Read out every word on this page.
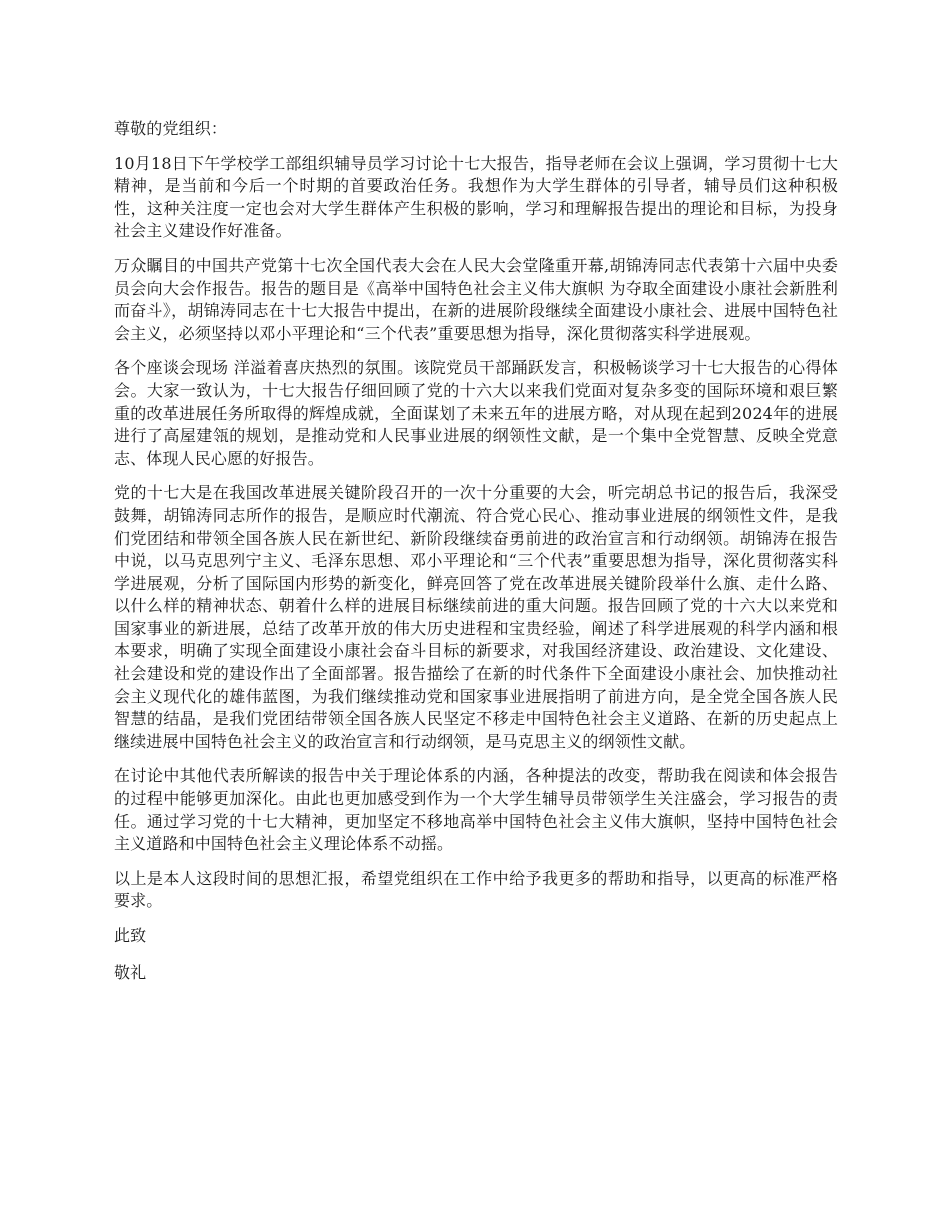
尊敬的党组织：

10月18日下午学校学工部组织辅导员学习讨论十七大报告，指导老师在会议上强调，学习贯彻十七大精神，是当前和今后一个时期的首要政治任务。我想作为大学生群体的引导者，辅导员们这种积极性，这种关注度一定也会对大学生群体产生积极的影响，学习和理解报告提出的理论和目标，为投身社会主义建设作好准备。

万众瞩目的中国共产党第十七次全国代表大会在人民大会堂隆重开幕,胡锦涛同志代表第十六届中央委员会向大会作报告。报告的题目是《高举中国特色社会主义伟大旗帜 为夺取全面建设小康社会新胜利而奋斗》，胡锦涛同志在十七大报告中提出，在新的进展阶段继续全面建设小康社会、进展中国特色社会主义，必须坚持以邓小平理论和“三个代表”重要思想为指导，深化贯彻落实科学进展观。

各个座谈会现场 洋溢着喜庆热烈的氛围。该院党员干部踊跃发言，积极畅谈学习十七大报告的心得体会。大家一致认为，十七大报告仔细回顾了党的十六大以来我们党面对复杂多变的国际环境和艰巨繁重的改革进展任务所取得的辉煌成就，全面谋划了未来五年的进展方略，对从现在起到2024年的进展进行了高屋建瓴的规划，是推动党和人民事业进展的纲领性文献，是一个集中全党智慧、反映全党意志、体现人民心愿的好报告。

党的十七大是在我国改革进展关键阶段召开的一次十分重要的大会，听完胡总书记的报告后，我深受鼓舞，胡锦涛同志所作的报告，是顺应时代潮流、符合党心民心、推动事业进展的纲领性文件，是我们党团结和带领全国各族人民在新世纪、新阶段继续奋勇前进的政治宣言和行动纲领。胡锦涛在报告中说，以马克思列宁主义、毛泽东思想、邓小平理论和“三个代表”重要思想为指导，深化贯彻落实科学进展观，分析了国际国内形势的新变化，鲜亮回答了党在改革进展关键阶段举什么旗、走什么路、以什么样的精神状态、朝着什么样的进展目标继续前进的重大问题。报告回顾了党的十六大以来党和国家事业的新进展，总结了改革开放的伟大历史进程和宝贵经验，阐述了科学进展观的科学内涵和根本要求，明确了实现全面建设小康社会奋斗目标的新要求，对我国经济建设、政治建设、文化建设、社会建设和党的建设作出了全面部署。报告描绘了在新的时代条件下全面建设小康社会、加快推动社会主义现代化的雄伟蓝图，为我们继续推动党和国家事业进展指明了前进方向，是全党全国各族人民智慧的结晶，是我们党团结带领全国各族人民坚定不移走中国特色社会主义道路、在新的历史起点上继续进展中国特色社会主义的政治宣言和行动纲领，是马克思主义的纲领性文献。

在讨论中其他代表所解读的报告中关于理论体系的内涵，各种提法的改变，帮助我在阅读和体会报告的过程中能够更加深化。由此也更加感受到作为一个大学生辅导员带领学生关注盛会，学习报告的责任。通过学习党的十七大精神，更加坚定不移地高举中国特色社会主义伟大旗帜，坚持中国特色社会主义道路和中国特色社会主义理论体系不动摇。

以上是本人这段时间的思想汇报，希望党组织在工作中给予我更多的帮助和指导，以更高的标准严格要求。

此致

敬礼
